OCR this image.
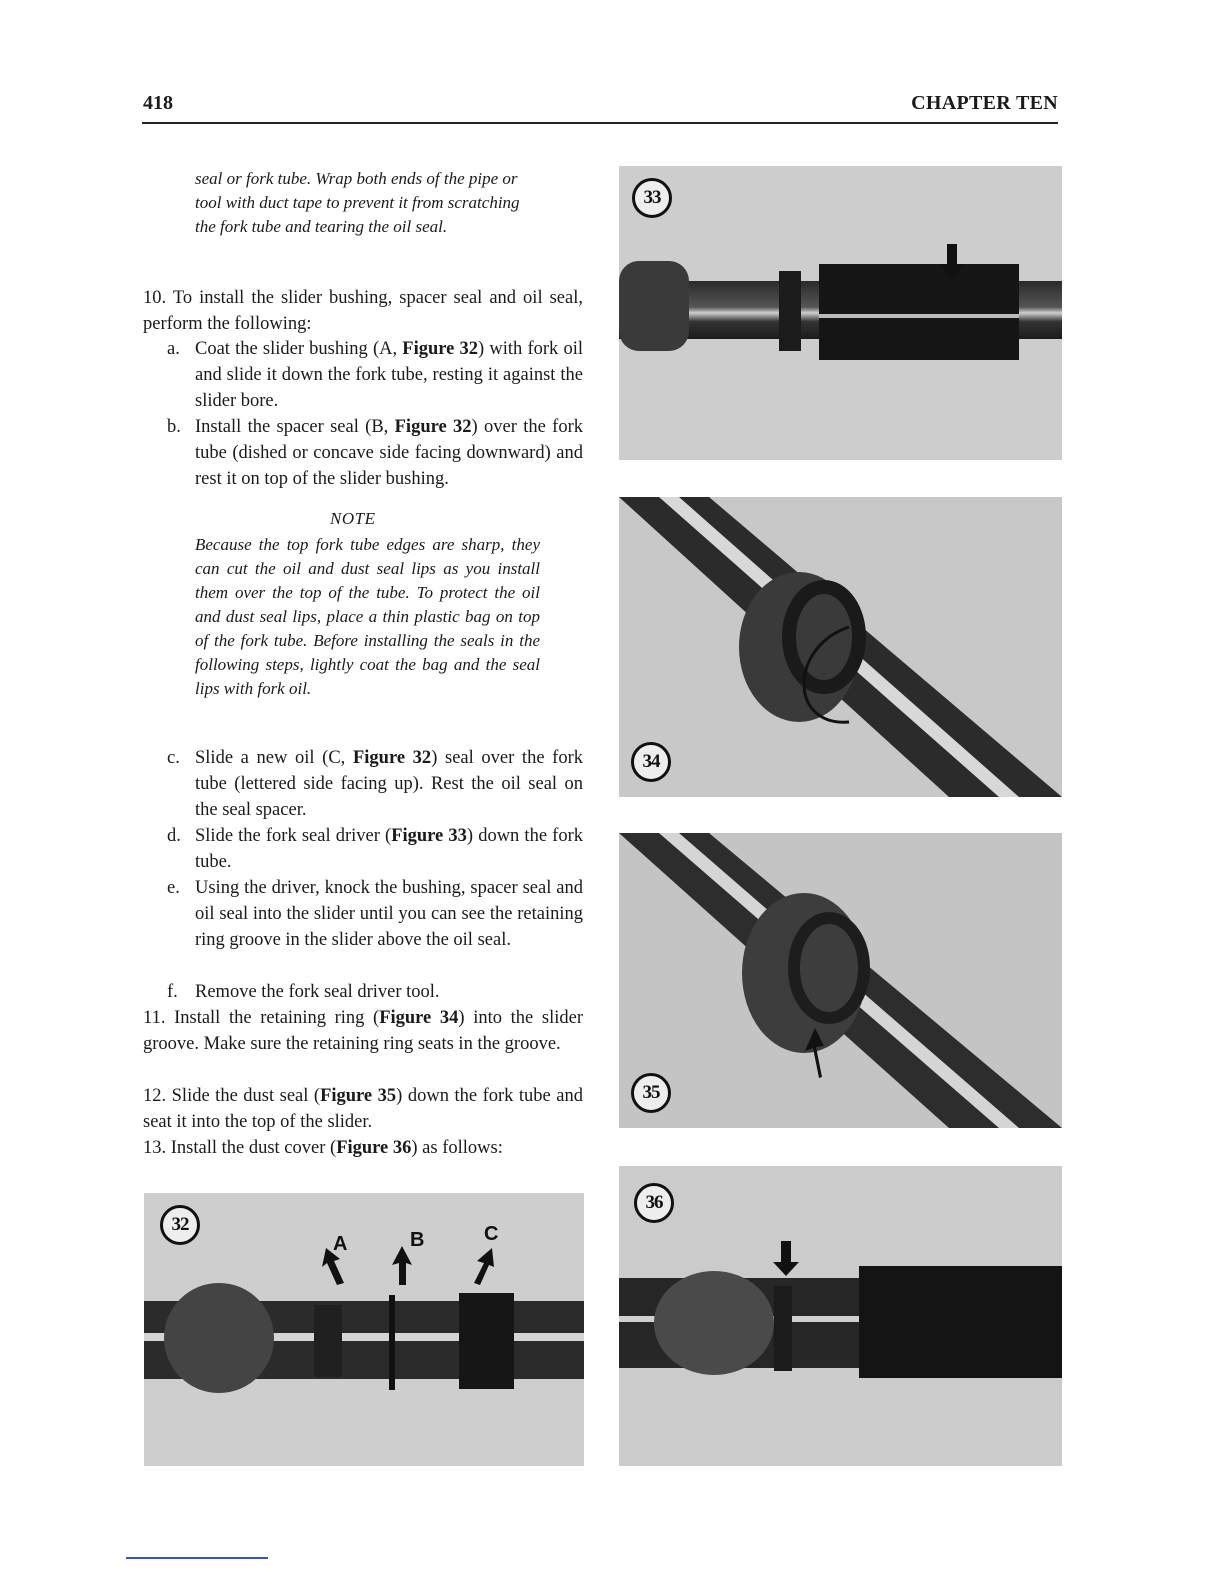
418	CHAPTER TEN
seal or fork tube. Wrap both ends of the pipe or tool with duct tape to prevent it from scratching the fork tube and tearing the oil seal.
10. To install the slider bushing, spacer seal and oil seal, perform the following:
a. Coat the slider bushing (A, Figure 32) with fork oil and slide it down the fork tube, resting it against the slider bore.
b. Install the spacer seal (B, Figure 32) over the fork tube (dished or concave side facing downward) and rest it on top of the slider bushing.
NOTE
Because the top fork tube edges are sharp, they can cut the oil and dust seal lips as you install them over the top of the tube. To protect the oil and dust seal lips, place a thin plastic bag on top of the fork tube. Before installing the seals in the following steps, lightly coat the bag and the seal lips with fork oil.
c. Slide a new oil (C, Figure 32) seal over the fork tube (lettered side facing up). Rest the oil seal on the seal spacer.
d. Slide the fork seal driver (Figure 33) down the fork tube.
e. Using the driver, knock the bushing, spacer seal and oil seal into the slider until you can see the retaining ring groove in the slider above the oil seal.
f. Remove the fork seal driver tool.
11. Install the retaining ring (Figure 34) into the slider groove. Make sure the retaining ring seats in the groove.
12. Slide the dust seal (Figure 35) down the fork tube and seat it into the top of the slider.
13. Install the dust cover (Figure 36) as follows:
33
34
35
36
32
A	B	C
